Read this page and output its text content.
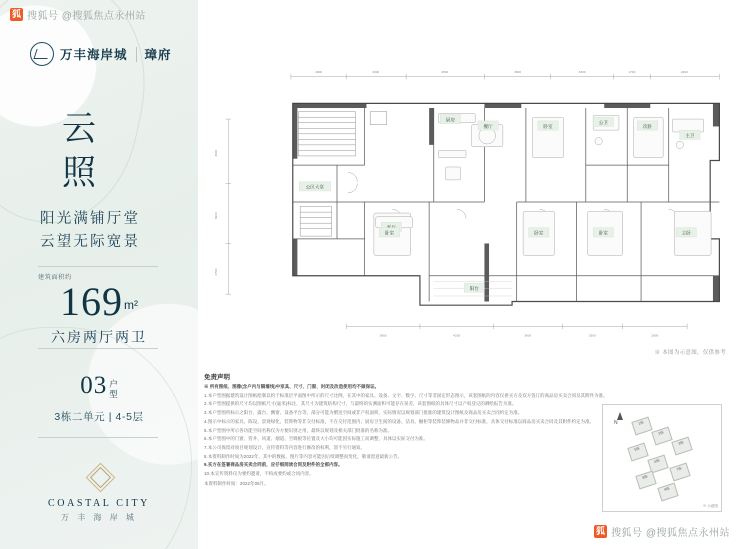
万丰海岸城 璋府
云
照
阳光满铺厅堂
云望无际宽景
建筑面积约
$169^{m^2}$
六房两厅两卫
03 户
型
3栋二单元 | 4-5层
COASTAL CITY
万 丰 海 岸 城
狐 搜狐号 @搜狐焦点永州站
1800	3300	4500	3600	3300	1700	2400
3900	4200	3600	3300	2800
3600
3900
2700
餐厅
厨房
卧室
公卫
次卧
主卫
主卧
卧室
卧室
卧室
阳台
公区大堂
※ 本图为示意图，仅供参考
免责声明

※ 所有图纸、图像(含户内与隔墙线)中家具、尺寸、门窗、封闭及改造使用均不做保证。

1.本户型图据建筑设计图纸绘制以约于标准层平面图中所示的尺寸比例，在其中的家具、设备、文字、数字、尺寸等非固定形态图示，该套图纸的内容仅供买方及双方签订的商品房买卖合同及其附件为准。

2.本户型图提供的尺寸均以图纸尺寸(毫米)标注，其尺寸为建筑结构尺寸，与最终的实测面积可能存在误差，该套图纸的具体尺寸以产权登记的测绘报告为准。

3.本户型图所标示之阳台、露台、飘窗、设备平台等，部分可能为赠送空间或非产权面积，实际情况以规划部门批准的建筑设计图纸及商品房买卖合同约定为准。

4.图示中标示的家具、陈设、景观绿化、装饰物等非交付标准，不在交付范围内；厨房卫生间的设备、洁具、橱柜等装饰装修物品并非交付标准，具体交付标准以商品房买卖合同及其附件约定为准。

5.本户型图中所示各功能空间名称仅为方便识别之用，最终以规划及相关部门批准的名称为准。

6.本户型图中的门窗、管井、风道、烟道、空调板等位置及大小均可能因实际施工而调整，具体以实际交付为准。

7.本公司保留对项目规划设计、宣传资料等内容进行修改的权利，恕不另行通知。

8.本资料制作时间为2022年，其中的数据、图片等内容可能因后续调整而变化，敬请留意最新公告。

9.买方在签署商品房买卖合同前，应仔细阅读合同及附件的全部内容。

10.本宣传资料仅为要约邀请，不构成要约或合同内容。

本资料制作时间：2022年05月。

N
1栋
2栋
3栋
5栋
6栋
7栋
8栋
9栋
※ 示意图
狐 搜狐号 @搜狐焦点永州站
